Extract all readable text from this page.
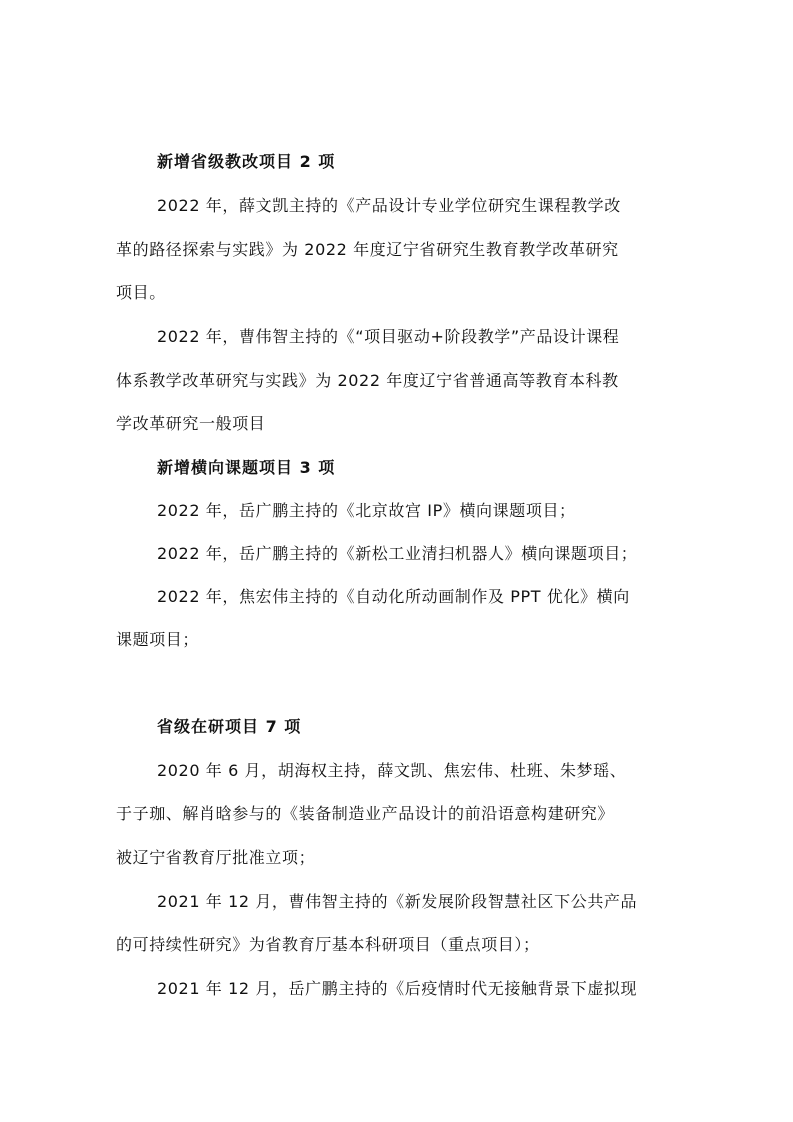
新增省级教改项目 2 项
2022 年，薛文凯主持的《产品设计专业学位研究生课程教学改
革的路径探索与实践》为 2022 年度辽宁省研究生教育教学改革研究
项目。
2022 年，曹伟智主持的《“项目驱动+阶段教学”产品设计课程
体系教学改革研究与实践》为 2022 年度辽宁省普通高等教育本科教
学改革研究一般项目
新增横向课题项目 3 项
2022 年，岳广鹏主持的《北京故宫 IP》横向课题项目；
2022 年，岳广鹏主持的《新松工业清扫机器人》横向课题项目；
2022 年，焦宏伟主持的《自动化所动画制作及 PPT 优化》横向
课题项目；
省级在研项目 7 项
2020 年 6 月，胡海权主持，薛文凯、焦宏伟、杜班、朱梦瑶、
于子珈、解肖晗参与的《装备制造业产品设计的前沿语意构建研究》
被辽宁省教育厅批准立项；
2021 年 12 月，曹伟智主持的《新发展阶段智慧社区下公共产品
的可持续性研究》为省教育厅基本科研项目（重点项目）；
2021 年 12 月，岳广鹏主持的《后疫情时代无接触背景下虚拟现
